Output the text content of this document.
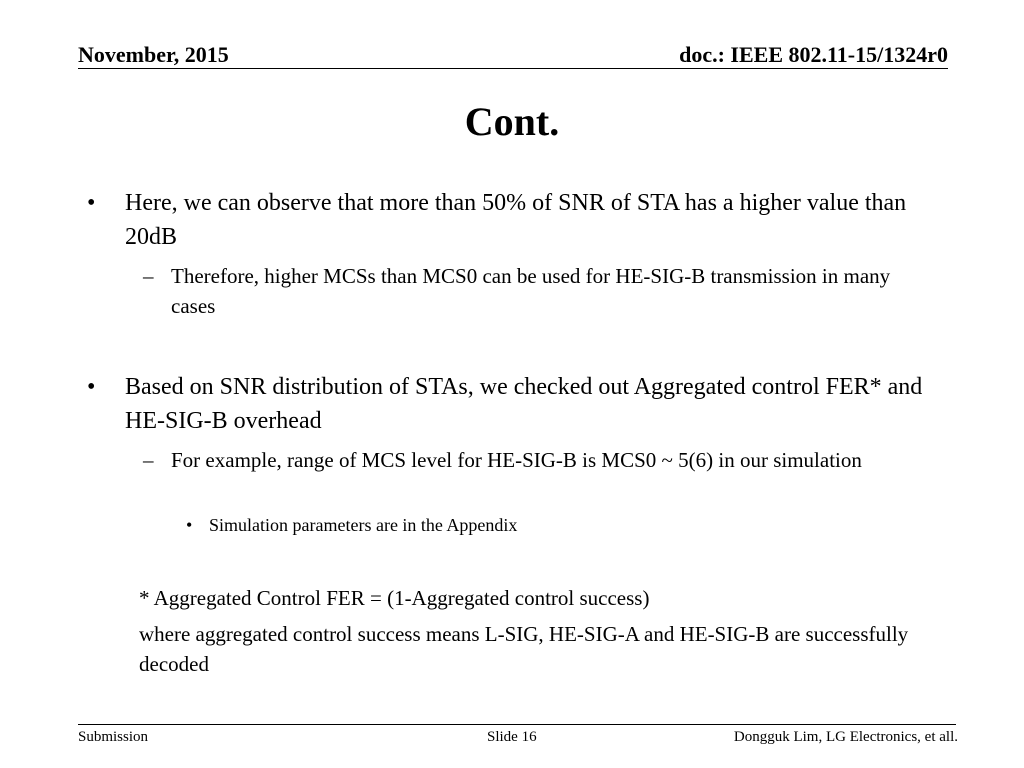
November, 2015	doc.: IEEE 802.11-15/1324r0
Cont.
• Here, we can observe that more than 50% of SNR of STA has a higher value than 20dB
– Therefore, higher MCSs than MCS0 can be used for HE-SIG-B transmission in many cases
• Based on SNR distribution of STAs, we checked out Aggregated control FER* and HE-SIG-B overhead
– For example, range of MCS level for HE-SIG-B is MCS0 ~ 5(6) in our simulation
• Simulation parameters are in the Appendix
* Aggregated Control FER = (1-Aggregated control success)
where aggregated control success means L-SIG, HE-SIG-A and HE-SIG-B are successfully decoded
Submission	Slide 16	Dongguk Lim, LG Electronics, et all.
